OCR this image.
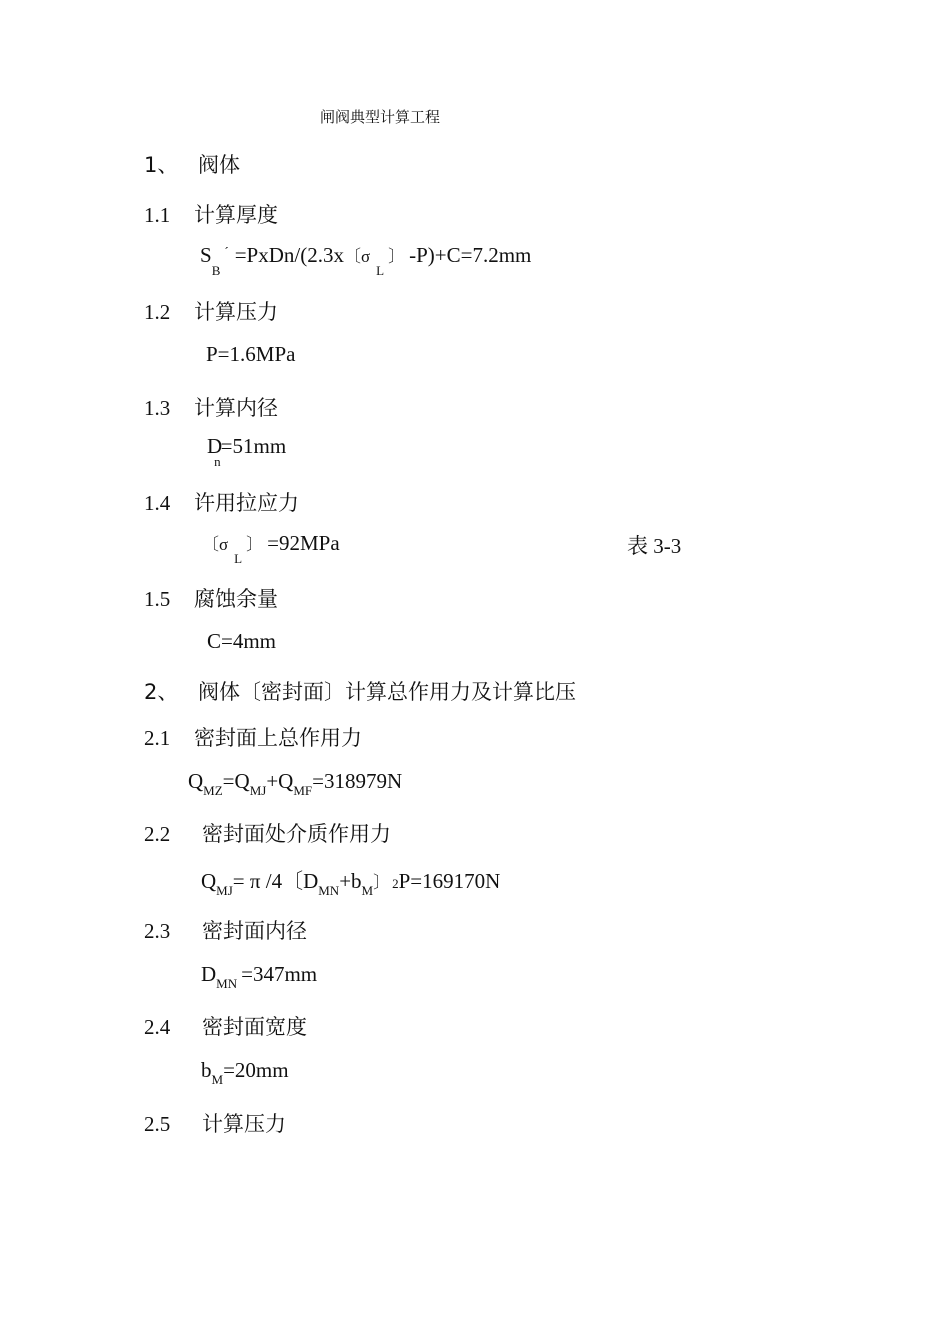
闸阀典型计算工程
1、 阀体
1.1 计算厚度
$S_B^´$ =PxDn/(2.3x〔$\sigma_L$〕 -P)+C=7.2mm
1.2 计算压力
P=1.6MPa
1.3 计算内径
$D_n=51mm$
1.4 许用拉应力
〔$\sigma_L$〕 =92MPa	表 3-3
1.5 腐蚀余量
C=4mm
2、 阀体〔密封面〕计算总作用力及计算比压
2.1 密封面上总作用力
$Q_{MZ}=Q_{MJ}+Q_{MF}=318979N$
2.2 密封面处介质作用力
$Q_{MJ}= \pi$ /4〔$D_{MN}+b_M$〕 2P=169170N
2.3 密封面内径
$D_{MN} =347mm$
2.4 密封面宽度
$b_M=20mm$
2.5 计算压力
